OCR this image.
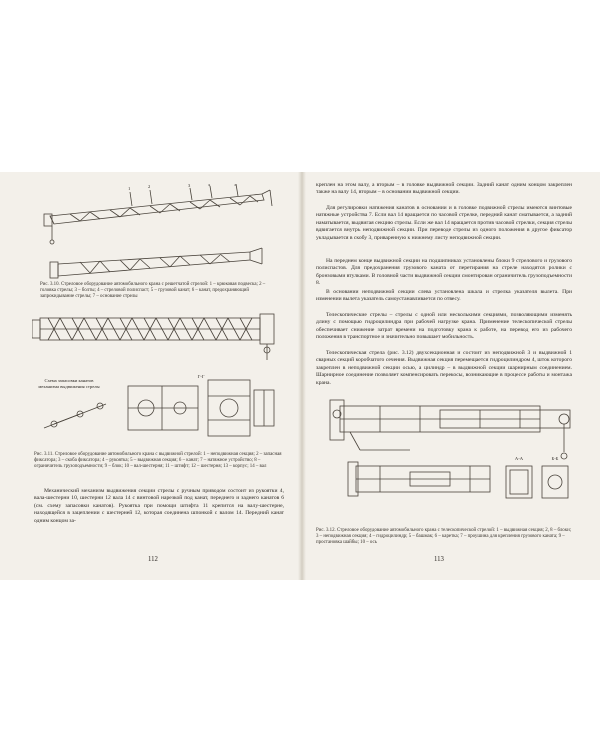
1	2	3	4	5

Рис. 3.10. Стреловое оборудование автомобильного крана с решетчатой стрелой: 1 – крюковая подвеска; 2 – головка стрелы; 3 – болты; 4 – стреловой полиспаст; 5 – грузовой канат; 6 – канат, предохраняющий запрокидывание стрелы; 7 – основание стрелы

Схема запасовки канатов механизма выдвижения стрелы
Г-Г

Рис. 3.11. Стреловое оборудование автомобильного крана с выдвижной стрелой: 1 – неподвижная секция; 2 – запасная фиксатора; 3 – скоба фиксатора; 4 – рукоятка; 5 – выдвижная секция; 6 – канат; 7 – натяжное устройство; 8 – ограничитель грузоподъемности; 9 – блок; 10 – вал-шестерня; 11 – штифт; 12 – шестерня; 13 – корпус; 14 – вал

Механический механизм выдвижения секции стрелы с ручным приводом состоит из рукоятки 4, вала-шестерни 10, шестерни 12 вала 14 с винтовой нарезкой под канат, переднего и заднего канатов 6 (см. схему запасовки канатов). Рукоятка при помощи штифта 11 крепится на валу-шестерне, находящейся в зацеплении с шестерней 12, которая соединена шпонкой с валом 14. Передний канат одним концом за-

112

креплен на этом валу, а вторым – в головке выдвижной секции. Задний канат одним концом закреплен также на валу 14, вторым – в основании выдвижной секции.

Для регулировки натяжения канатов в основании и в головке подвижной стрелы имеются винтовые натяжные устройства 7. Если вал 14 вращается по часовой стрелке, передний канат сматывается, а задний наматывается, выдвигая секцию стрелы. Если же вал 14 вращается против часовой стрелки, секция стрелы вдвигается внутрь неподвижной секции. При переводе стрелы из одного положения в другое фиксатор укладывается в скобу 3, приваренную к нижнему листу неподвижной секции.

На переднем конце выдвижной секции на подшипниках установлены блоки 9 стрелового и грузового полиспастов. Для предохранения грузового каната от перетирания на стреле находятся ролики с бронзовыми втулками. В головной части выдвижной секции смонтирован ограничитель грузоподъемности 8.

В основании неподвижной секции слева установлена шкала и стрелка указателя вылета. При изменении вылета указатель самоустанавливается по отвесу.

Телескопические стрелы – стрелы с одной или несколькими секциями, позволяющими изменять длину с помощью гидроцилиндра при рабочей нагрузке крана. Применение телескопической стрелы обеспечивает снижение затрат времени на подготовку крана к работе, на перевод его из рабочего положения в транспортное и значительно повышает мобильность.

Телескопическая стрела (рис. 3.12) двухсекционная и состоит из неподвижной 3 и выдвижной 1 сварных секций коробчатого сечения. Выдвижная секция перемещается гидроцилиндром 4, шток которого закреплен в неподвижной секции осью, а цилиндр – в выдвижной секции шарнирным соединением. Шарнирное соединение позволяет компенсировать перекосы, возникающие в процессе работы и монтажа крана.

А-А	Б-Б

Рис. 3.12. Стреловое оборудование автомобильного крана с телескопической стрелой: 1 – выдвижная секция; 2, 8 – блоки; 3 – неподвижная секция; 4 – гидроцилиндр; 5 – башмак; 6 – каретка; 7 – проушина для крепления грузового каната; 9 – простановка шайбы; 10 – ось

113
